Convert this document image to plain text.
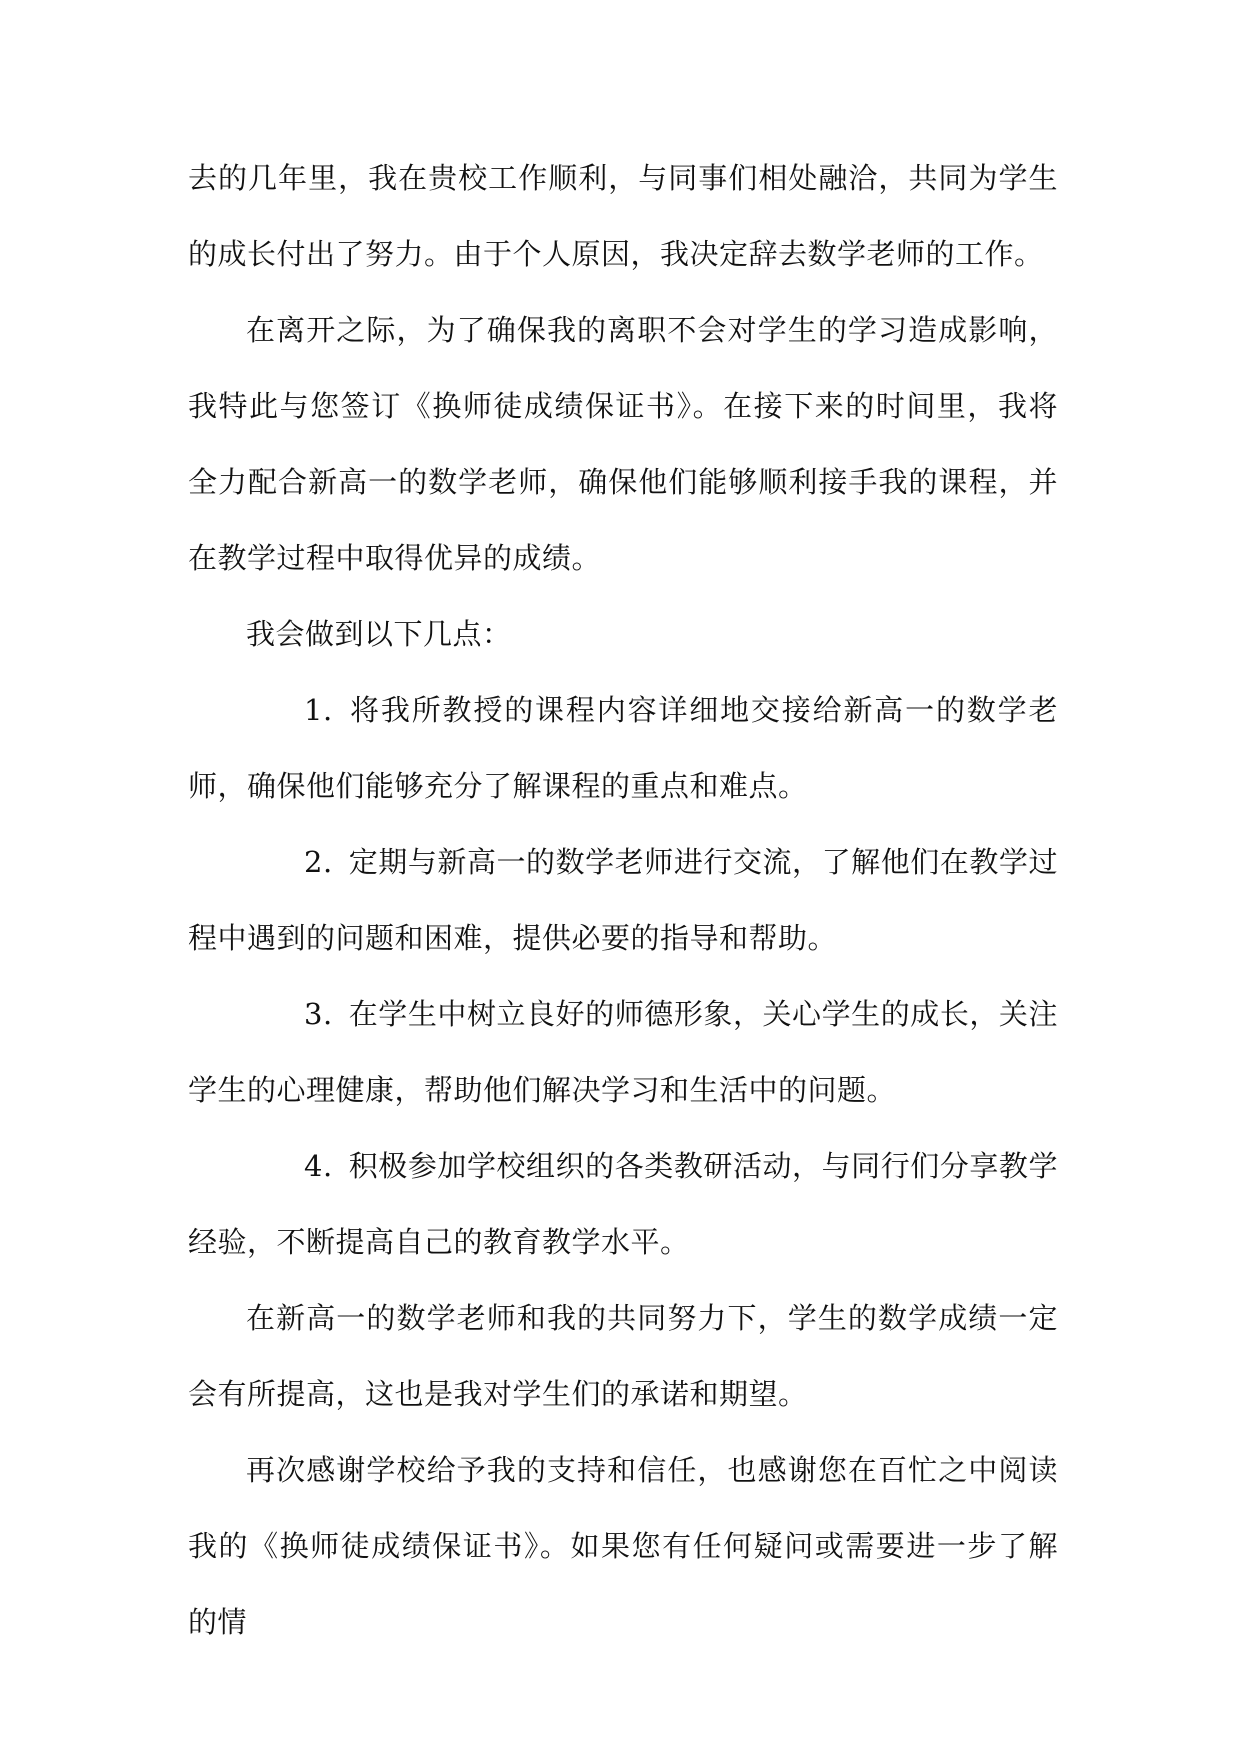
去的几年里，我在贵校工作顺利，与同事们相处融洽，共同为学生的成长付出了努力。由于个人原因，我决定辞去数学老师的工作。

在离开之际，为了确保我的离职不会对学生的学习造成影响，我特此与您签订《换师徒成绩保证书》。在接下来的时间里，我将全力配合新高一的数学老师，确保他们能够顺利接手我的课程，并在教学过程中取得优异的成绩。

我会做到以下几点：

1. 将我所教授的课程内容详细地交接给新高一的数学老师，确保他们能够充分了解课程的重点和难点。

2. 定期与新高一的数学老师进行交流，了解他们在教学过程中遇到的问题和困难，提供必要的指导和帮助。

3. 在学生中树立良好的师德形象，关心学生的成长，关注学生的心理健康，帮助他们解决学习和生活中的问题。

4. 积极参加学校组织的各类教研活动，与同行们分享教学经验，不断提高自己的教育教学水平。

在新高一的数学老师和我的共同努力下，学生的数学成绩一定会有所提高，这也是我对学生们的承诺和期望。

再次感谢学校给予我的支持和信任，也感谢您在百忙之中阅读我的《换师徒成绩保证书》。如果您有任何疑问或需要进一步了解的情
